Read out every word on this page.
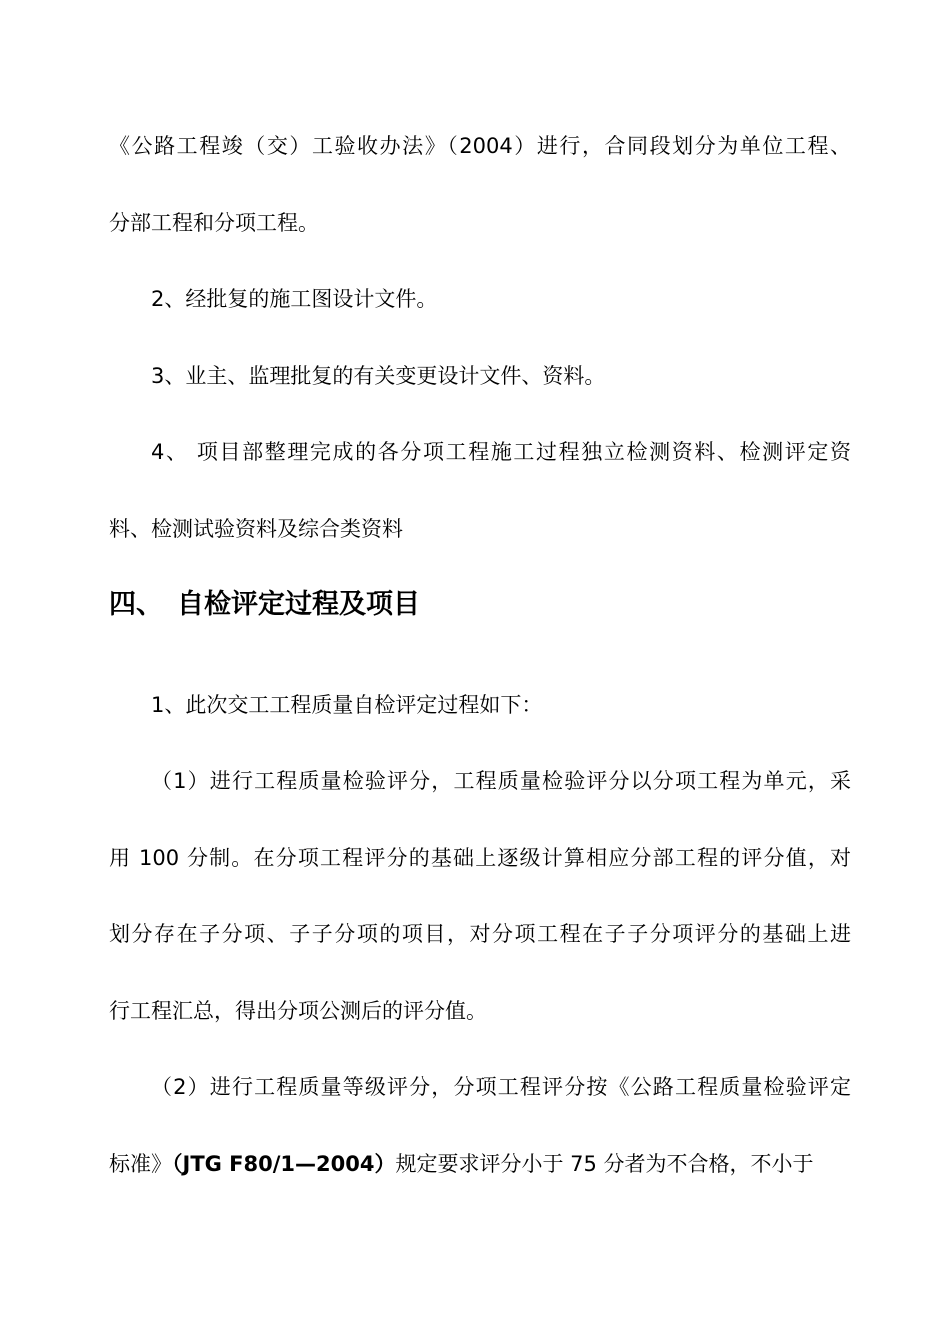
《公路工程竣（交）工验收办法》（2004）进行，合同段划分为单位工程、
分部工程和分项工程。
2、经批复的施工图设计文件。
3、业主、监理批复的有关变更设计文件、资料。
4、 项目部整理完成的各分项工程施工过程独立检测资料、检测评定资
料、检测试验资料及综合类资料
四、 自检评定过程及项目
1、此次交工工程质量自检评定过程如下：
（1）进行工程质量检验评分，工程质量检验评分以分项工程为单元，采
用 100 分制。在分项工程评分的基础上逐级计算相应分部工程的评分值，对
划分存在子分项、子子分项的项目，对分项工程在子子分项评分的基础上进
行工程汇总，得出分项公测后的评分值。
（2）进行工程质量等级评分，分项工程评分按《公路工程质量检验评定
标准》（JTG F80/1—2004）规定要求评分小于 75 分者为不合格，不小于
